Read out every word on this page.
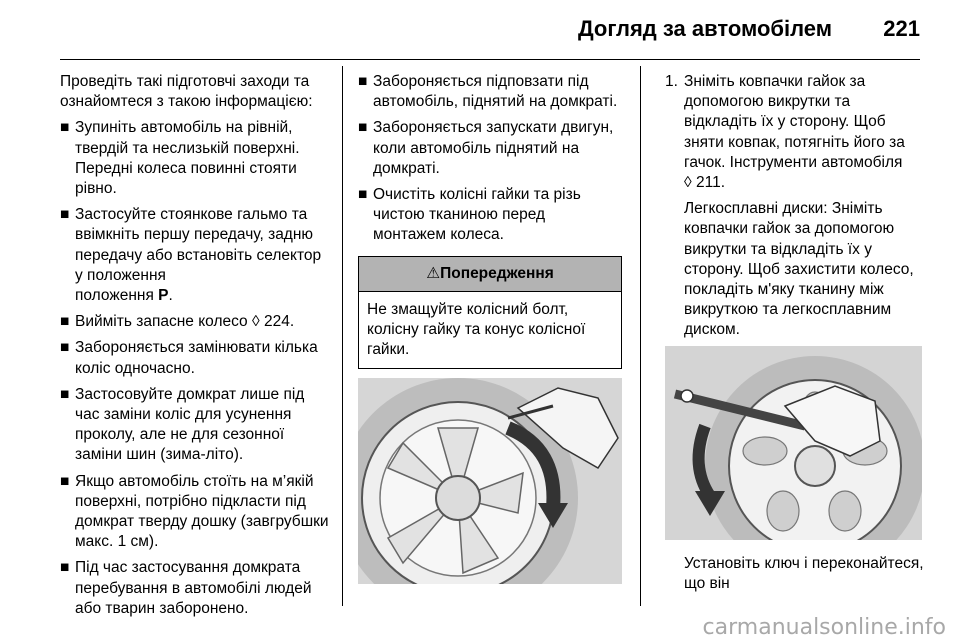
Догляд за автомобілем 221

Проведіть такі підготовчі заходи та ознайомтеся з такою інформацією:

■ Зупиніть автомобіль на рівній, твердій та неслизькій поверхні. Передні колеса повинні стояти рівно.
■ Застосуйте стоянкове гальмо та ввімкніть першу передачу, задню передачу або встановіть селектор у положення
положення P.
■ Вийміть запасне колесо ◊ 224.
■ Забороняється замінювати кілька коліс одночасно.
■ Застосовуйте домкрат лише під час заміни коліс для усунення проколу, але не для сезонної заміни шин (зима-літо).
■ Якщо автомобіль стоїть на м’якій поверхні, потрібно підкласти під домкрат тверду дошку (завгрубшки макс. 1 см).
■ Під час застосування домкрата перебування в автомобілі людей або тварин заборонено.
■ Забороняється підповзати під автомобіль, піднятий на домкраті.
■ Забороняється запускати двигун, коли автомобіль піднятий на домкраті.
■ Очистіть колісні гайки та різь чистою тканиною перед монтажем колеса.
⚠Попередження
Не змащуйте колісний болт, колісну гайку та конус колісної гайки.
1. Зніміть ковпачки гайок за допомогою викрутки та відкладіть їх у сторону. Щоб зняти ковпак, потягніть його за гачок. Інструменти автомобіля
◊ 211.

Легкосплавні диски: Зніміть ковпачки гайок за допомогою викрутки та відкладіть їх у сторону. Щоб захистити колесо, покладіть м'яку тканину між викруткою та легкосплавним диском.

Установіть ключ і переконайтеся, що він

carmanualsonline.info
